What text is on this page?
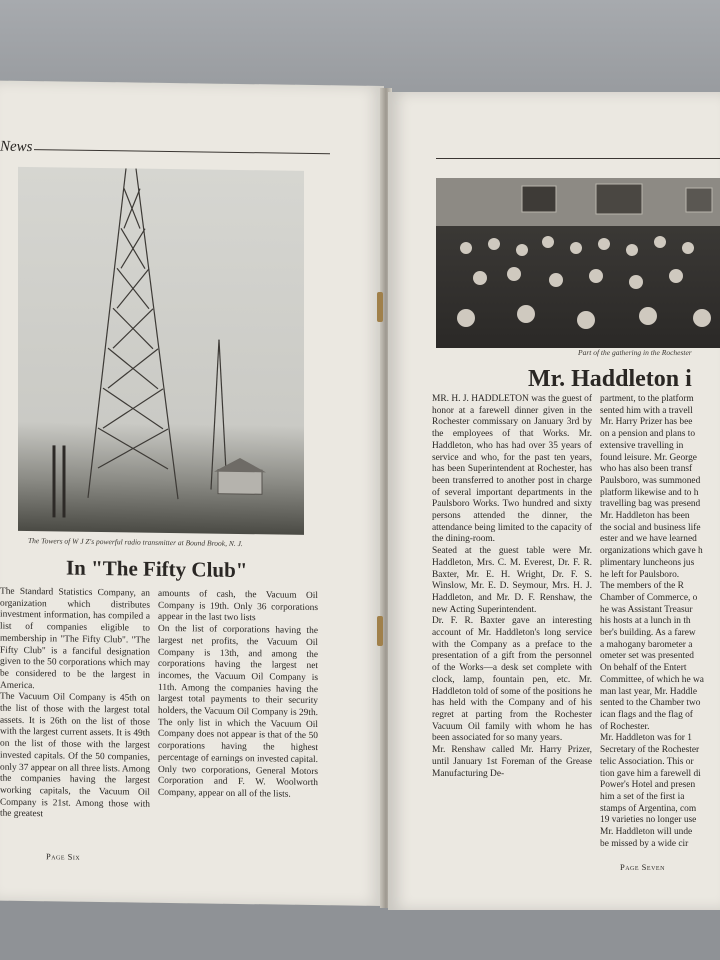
News
The Towers of W J Z's powerful radio transmitter at Bound Brook, N. J.
In "The Fifty Club"
The Standard Statistics Company, an organization which distributes investment information, has compiled a list of companies eligible to membership in "The Fifty Club". "The Fifty Club" is a fanciful designation given to the 50 corporations which may be considered to be the largest in America.
The Vacuum Oil Company is 45th on the list of those with the largest total assets. It is 26th on the list of those with the largest current assets. It is 49th on the list of those with the largest invested capitals. Of the 50 companies, only 37 appear on all three lists. Among the companies having the largest working capitals, the Vacuum Oil Company is 21st. Among those with the greatest
amounts of cash, the Vacuum Oil Company is 19th. Only 36 corporations appear in the last two lists
On the list of corporations having the largest net profits, the Vacuum Oil Company is 13th, and among the corporations having the largest net incomes, the Vacuum Oil Company is 11th. Among the companies having the largest total payments to their security holders, the Vacuum Oil Company is 29th. The only list in which the Vacuum Oil Company does not appear is that of the 50 corporations having the highest percentage of earnings on invested capital. Only two corporations, General Motors Corporation and F. W. Woolworth Company, appear on all of the lists.
Page Six
Part of the gathering in the Rochester
Mr. Haddleton i
MR. H. J. HADDLETON was the guest of honor at a farewell dinner given in the Rochester commissary on January 3rd by the employees of that Works. Mr. Haddleton, who has had over 35 years of service and who, for the past ten years, has been Superintendent at Rochester, has been transferred to another post in charge of several important departments in the Paulsboro Works. Two hundred and sixty persons attended the dinner, the attendance being limited to the capacity of the dining-room.
Seated at the guest table were Mr. Haddleton, Mrs. C. M. Everest, Dr. F. R. Baxter, Mr. E. H. Wright, Dr. F. S. Winslow, Mr. E. D. Seymour, Mrs. H. J. Haddleton, and Mr. D. F. Renshaw, the new Acting Superintendent.
Dr. F. R. Baxter gave an interesting account of Mr. Haddleton's long service with the Company as a preface to the presentation of a gift from the personnel of the Works—a desk set complete with clock, lamp, fountain pen, etc. Mr. Haddleton told of some of the positions he has held with the Company and of his regret at parting from the Rochester Vacuum Oil family with whom he has been associated for so many years.
Mr. Renshaw called Mr. Harry Prizer, until January 1st Foreman of the Grease Manufacturing De-
partment, to the platform
sented him with a travell
Mr. Harry Prizer has bee
on a pension and plans to
extensive travelling in
found leisure. Mr. George
who has also been transf
Paulsboro, was summoned
platform likewise and to h
travelling bag was presend
Mr. Haddleton has been
the social and business life
ester and we have learned
organizations which gave h
plimentary luncheons jus
he left for Paulsboro.
The members of the R
Chamber of Commerce, o
he was Assistant Treasur
his hosts at a lunch in th
ber's building. As a farew
a mahogany barometer a
ometer set was presented
On behalf of the Entert
Committee, of which he wa
man last year, Mr. Haddle
sented to the Chamber two
ican flags and the flag of
of Rochester.
Mr. Haddleton was for 1
Secretary of the Rochester
telic Association. This or
tion gave him a farewell di
Power's Hotel and presen
him a set of the first ia
stamps of Argentina, com
19 varieties no longer use
Mr. Haddleton will unde
be missed by a wide cir
Page Seven
